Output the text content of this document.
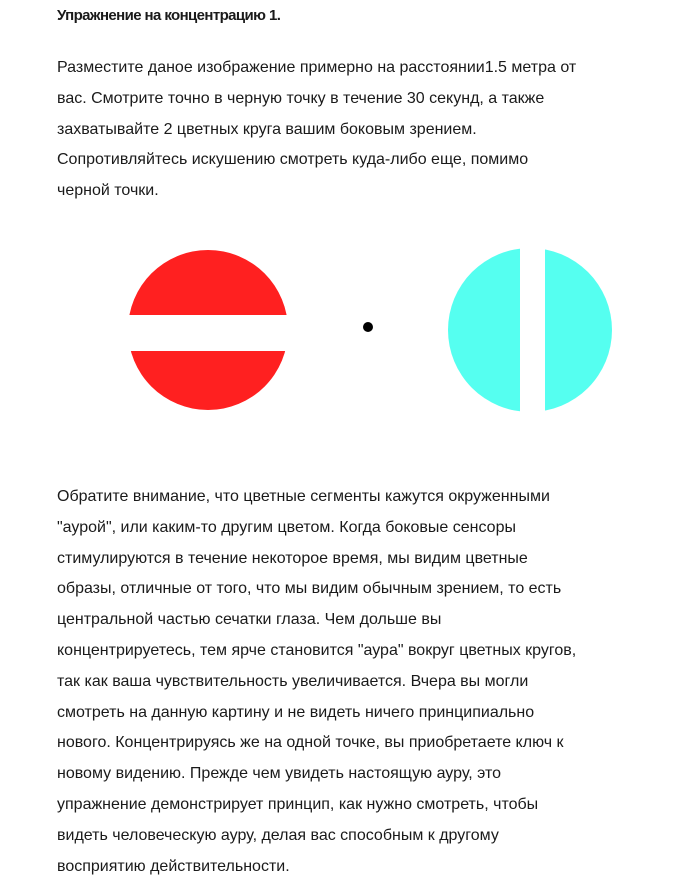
Упражнение на концентрацию 1.

Разместите даное изображение примерно на расстоянии1.5 метра от
вас. Смотрите точно в черную точку в течение 30 секунд, а также
захватывайте 2 цветных круга вашим боковым зрением.
Сопротивляйтесь искушению смотреть куда-либо еще, помимо
черной точки.

Обратите внимание, что цветные сегменты кажутся окруженными
"аурой", или каким-то другим цветом. Когда боковые сенсоры
стимулируются в течение некоторое время, мы видим цветные
образы, отличные от того, что мы видим обычным зрением, то есть
центральной частью сечатки глаза. Чем дольше вы
концентрируетесь, тем ярче становится "аура" вокруг цветных кругов,
так как ваша чувствительность увеличивается. Вчера вы могли
смотреть на данную картину и не видеть ничего принципиально
нового. Концентрируясь же на одной точке, вы приобретаете ключ к
новому видению. Прежде чем увидеть настоящую ауру, это
упражнение демонстрирует принцип, как нужно смотреть, чтобы
видеть человеческую ауру, делая вас способным к другому
восприятию действительности.
